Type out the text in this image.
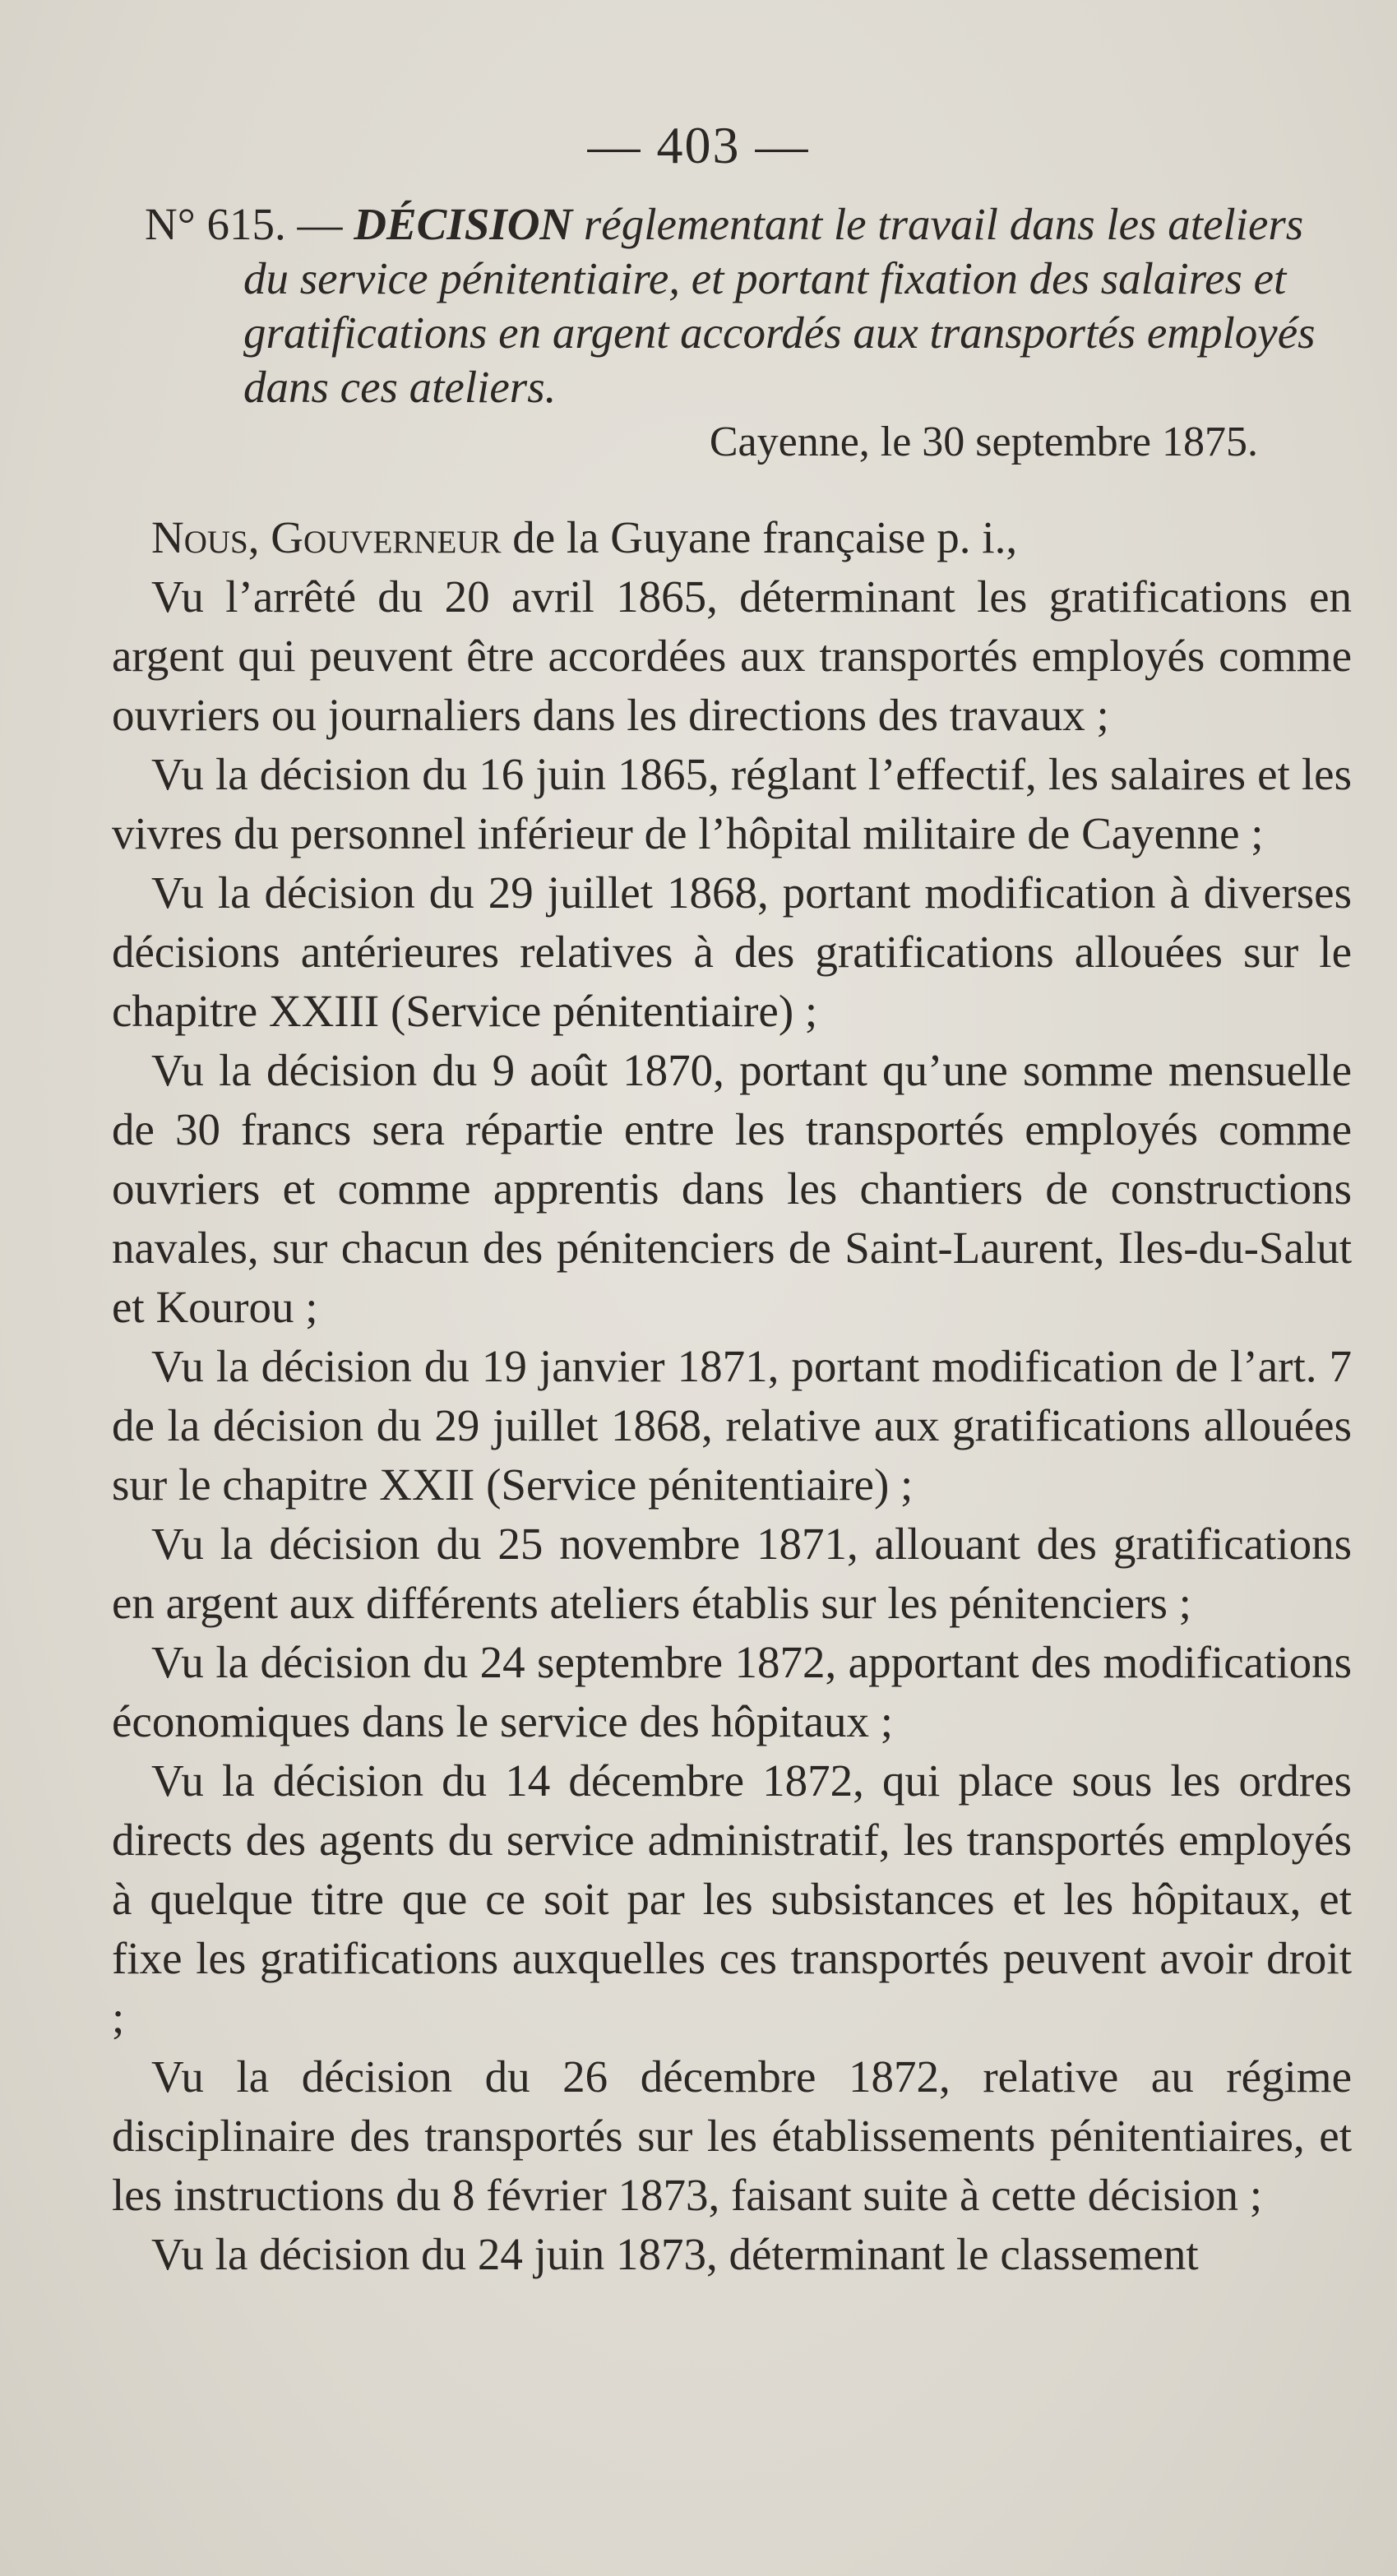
— 403 —

N° 615. — DÉCISION réglementant le travail dans les ateliers du service pénitentiaire, et portant fixation des salaires et gratifications en argent accordés aux transportés employés dans ces ateliers.

Cayenne, le 30 septembre 1875.

Nous, Gouverneur de la Guyane française p. i.,

Vu l’arrêté du 20 avril 1865, déterminant les gratifications en argent qui peuvent être accordées aux transportés employés comme ouvriers ou journaliers dans les directions des travaux ;

Vu la décision du 16 juin 1865, réglant l’effectif, les salaires et les vivres du personnel inférieur de l’hôpital militaire de Cayenne ;

Vu la décision du 29 juillet 1868, portant modification à diverses décisions antérieures relatives à des gratifications allouées sur le chapitre XXIII (Service pénitentiaire) ;

Vu la décision du 9 août 1870, portant qu’une somme mensuelle de 30 francs sera répartie entre les transportés employés comme ouvriers et comme apprentis dans les chantiers de constructions navales, sur chacun des pénitenciers de Saint-Laurent, Iles-du-Salut et Kourou ;

Vu la décision du 19 janvier 1871, portant modification de l’art. 7 de la décision du 29 juillet 1868, relative aux gratifications allouées sur le chapitre XXII (Service pénitentiaire) ;

Vu la décision du 25 novembre 1871, allouant des gratifications en argent aux différents ateliers établis sur les pénitenciers ;

Vu la décision du 24 septembre 1872, apportant des modifications économiques dans le service des hôpitaux ;

Vu la décision du 14 décembre 1872, qui place sous les ordres directs des agents du service administratif, les transportés employés à quelque titre que ce soit par les subsistances et les hôpitaux, et fixe les gratifications auxquelles ces transportés peuvent avoir droit ;

Vu la décision du 26 décembre 1872, relative au régime disciplinaire des transportés sur les établissements pénitentiaires, et les instructions du 8 février 1873, faisant suite à cette décision ;

Vu la décision du 24 juin 1873, déterminant le classement
